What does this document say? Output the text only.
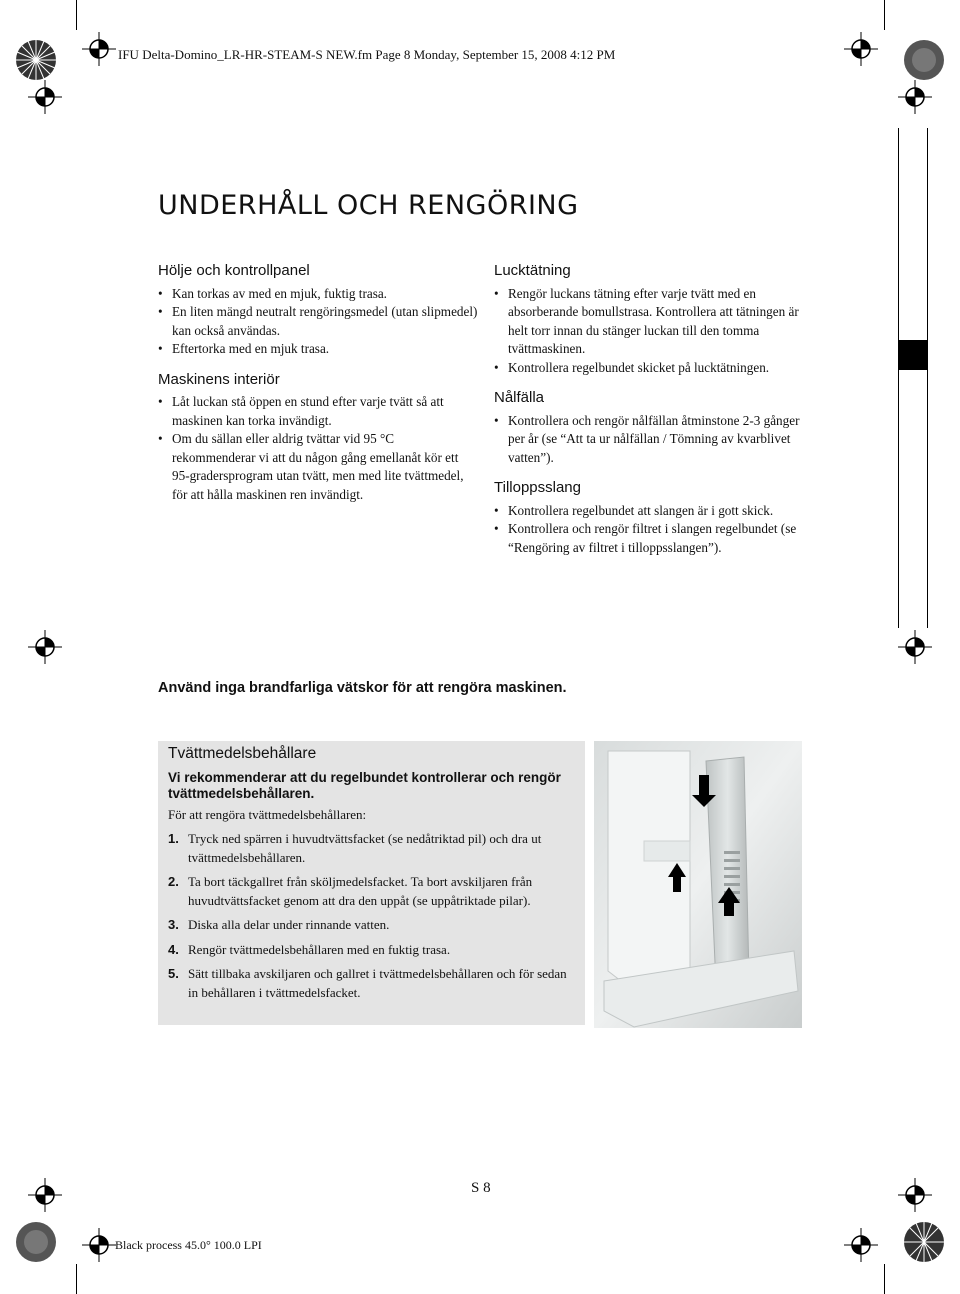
IFU Delta-Domino_LR-HR-STEAM-S NEW.fm Page 8 Monday, September 15, 2008 4:12 PM
Black process 45.0° 100.0 LPI
UNDERHÅLL OCH RENGÖRING
Hölje och kontrollpanel
• Kan torkas av med en mjuk, fuktig trasa.
• En liten mängd neutralt rengöringsmedel (utan slipmedel) kan också användas.
• Eftertorka med en mjuk trasa.
Maskinens interiör
• Låt luckan stå öppen en stund efter varje tvätt så att maskinen kan torka invändigt.
• Om du sällan eller aldrig tvättar vid 95 °C rekommenderar vi att du någon gång emellanåt kör ett 95-gradersprogram utan tvätt, men med lite tvättmedel, för att hålla maskinen ren invändigt.
Lucktätning
• Rengör luckans tätning efter varje tvätt med en absorberande bomullstrasa. Kontrollera att tätningen är helt torr innan du stänger luckan till den tomma tvättmaskinen.
• Kontrollera regelbundet skicket på lucktätningen.
Nålfälla
• Kontrollera och rengör nålfällan åtminstone 2-3 gånger per år (se “Att ta ur nålfällan / Tömning av kvarblivet vatten”).
Tilloppsslang
• Kontrollera regelbundet att slangen är i gott skick.
• Kontrollera och rengör filtret i slangen regelbundet (se “Rengöring av filtret i tilloppsslangen”).
Använd inga brandfarliga vätskor för att rengöra maskinen.
Tvättmedelsbehållare
Vi rekommenderar att du regelbundet kontrollerar och rengör tvättmedelsbehållaren.
För att rengöra tvättmedelsbehållaren:
1. Tryck ned spärren i huvudtvättsfacket (se nedåtriktad pil) och dra ut tvättmedelsbehållaren.
2. Ta bort täckgallret från sköljmedelsfacket. Ta bort avskiljaren från huvudtvättsfacket genom att dra den uppåt (se uppåtriktade pilar).
3. Diska alla delar under rinnande vatten.
4. Rengör tvättmedelsbehållaren med en fuktig trasa.
5. Sätt tillbaka avskiljaren och gallret i tvättmedelsbehållaren och för sedan in behållaren i tvättmedelsfacket.
S 8
